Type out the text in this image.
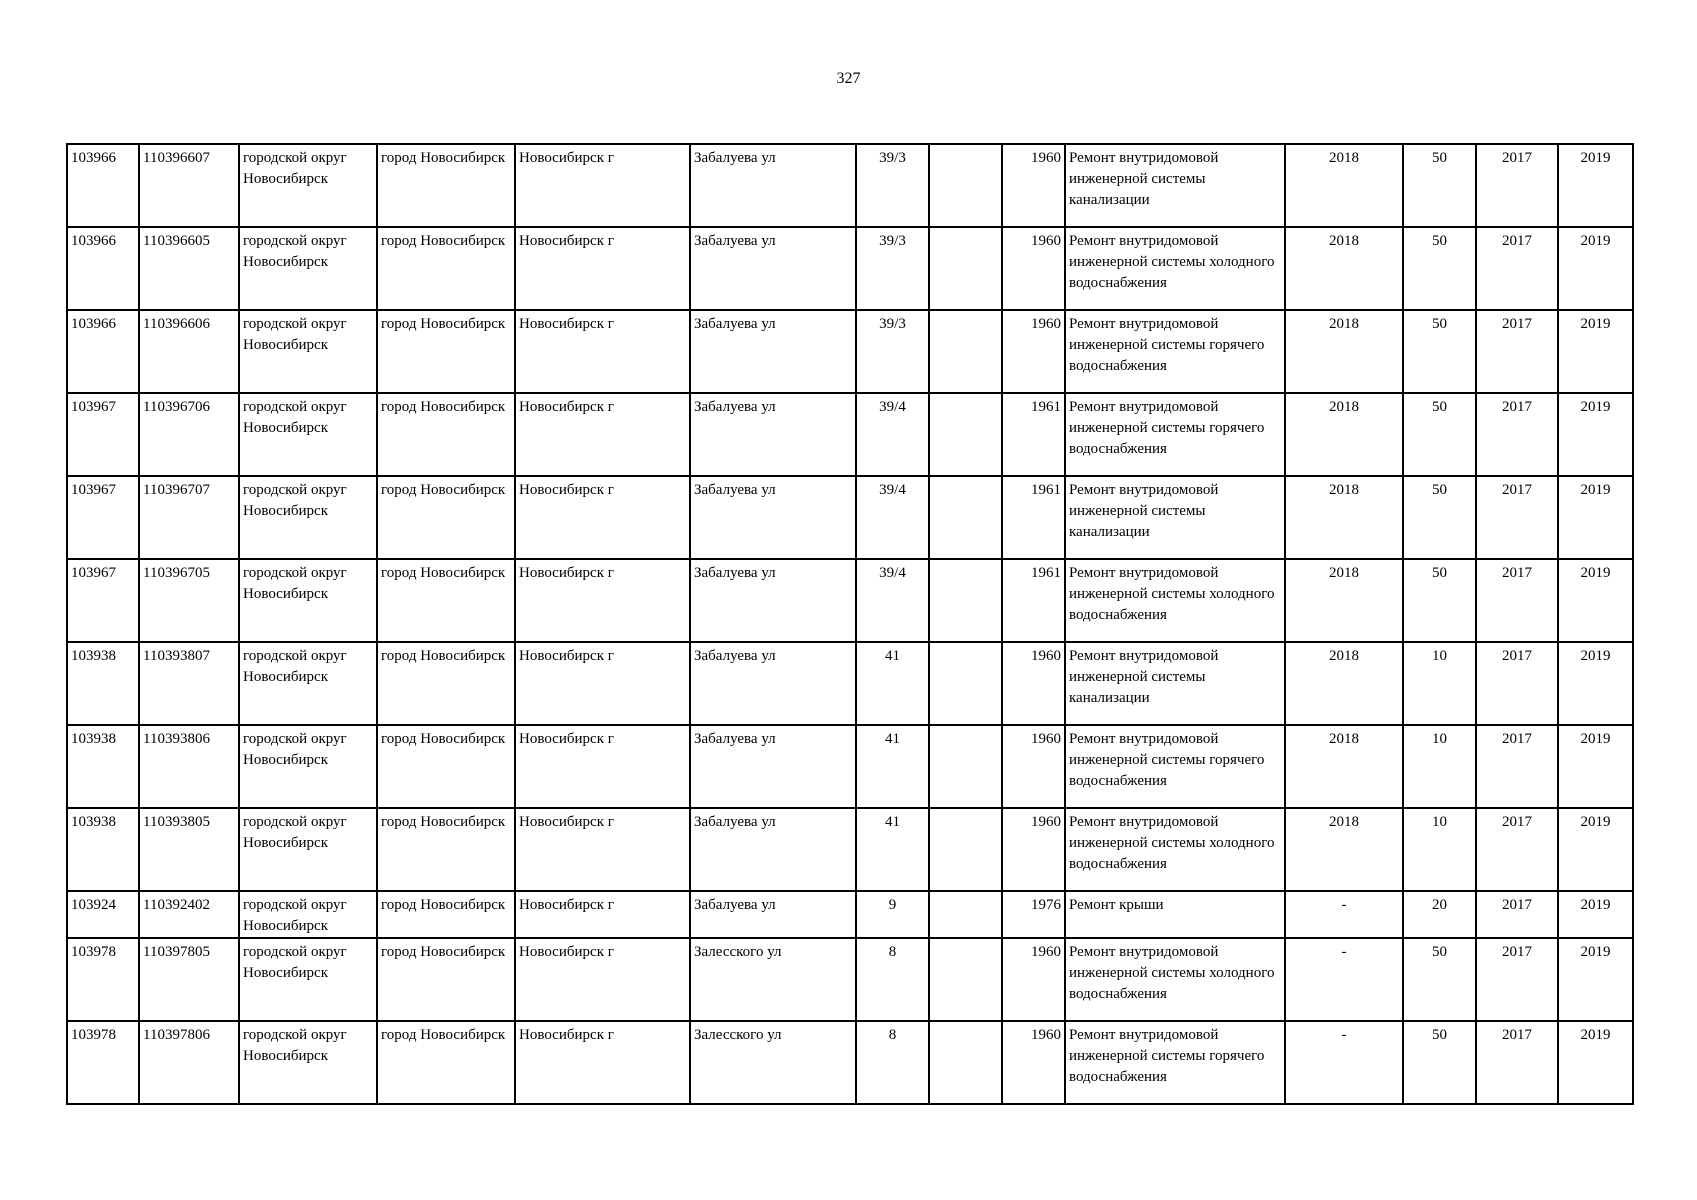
327
103966	110396607	городской округ Новосибирск	город Новосибирск	Новосибирск г	Забалуева ул	39/3		1960	Ремонт внутридомовой инженерной системы канализации	2018	50	2017	2019
103966	110396605	городской округ Новосибирск	город Новосибирск	Новосибирск г	Забалуева ул	39/3		1960	Ремонт внутридомовой инженерной системы холодного водоснабжения	2018	50	2017	2019
103966	110396606	городской округ Новосибирск	город Новосибирск	Новосибирск г	Забалуева ул	39/3		1960	Ремонт внутридомовой инженерной системы горячего водоснабжения	2018	50	2017	2019
103967	110396706	городской округ Новосибирск	город Новосибирск	Новосибирск г	Забалуева ул	39/4		1961	Ремонт внутридомовой инженерной системы горячего водоснабжения	2018	50	2017	2019
103967	110396707	городской округ Новосибирск	город Новосибирск	Новосибирск г	Забалуева ул	39/4		1961	Ремонт внутридомовой инженерной системы канализации	2018	50	2017	2019
103967	110396705	городской округ Новосибирск	город Новосибирск	Новосибирск г	Забалуева ул	39/4		1961	Ремонт внутридомовой инженерной системы холодного водоснабжения	2018	50	2017	2019
103938	110393807	городской округ Новосибирск	город Новосибирск	Новосибирск г	Забалуева ул	41		1960	Ремонт внутридомовой инженерной системы канализации	2018	10	2017	2019
103938	110393806	городской округ Новосибирск	город Новосибирск	Новосибирск г	Забалуева ул	41		1960	Ремонт внутридомовой инженерной системы горячего водоснабжения	2018	10	2017	2019
103938	110393805	городской округ Новосибирск	город Новосибирск	Новосибирск г	Забалуева ул	41		1960	Ремонт внутридомовой инженерной системы холодного водоснабжения	2018	10	2017	2019
103924	110392402	городской округ Новосибирск	город Новосибирск	Новосибирск г	Забалуева ул	9		1976	Ремонт крыши	-	20	2017	2019
103978	110397805	городской округ Новосибирск	город Новосибирск	Новосибирск г	Залесского ул	8		1960	Ремонт внутридомовой инженерной системы холодного водоснабжения	-	50	2017	2019
103978	110397806	городской округ Новосибирск	город Новосибирск	Новосибирск г	Залесского ул	8		1960	Ремонт внутридомовой инженерной системы горячего водоснабжения	-	50	2017	2019
